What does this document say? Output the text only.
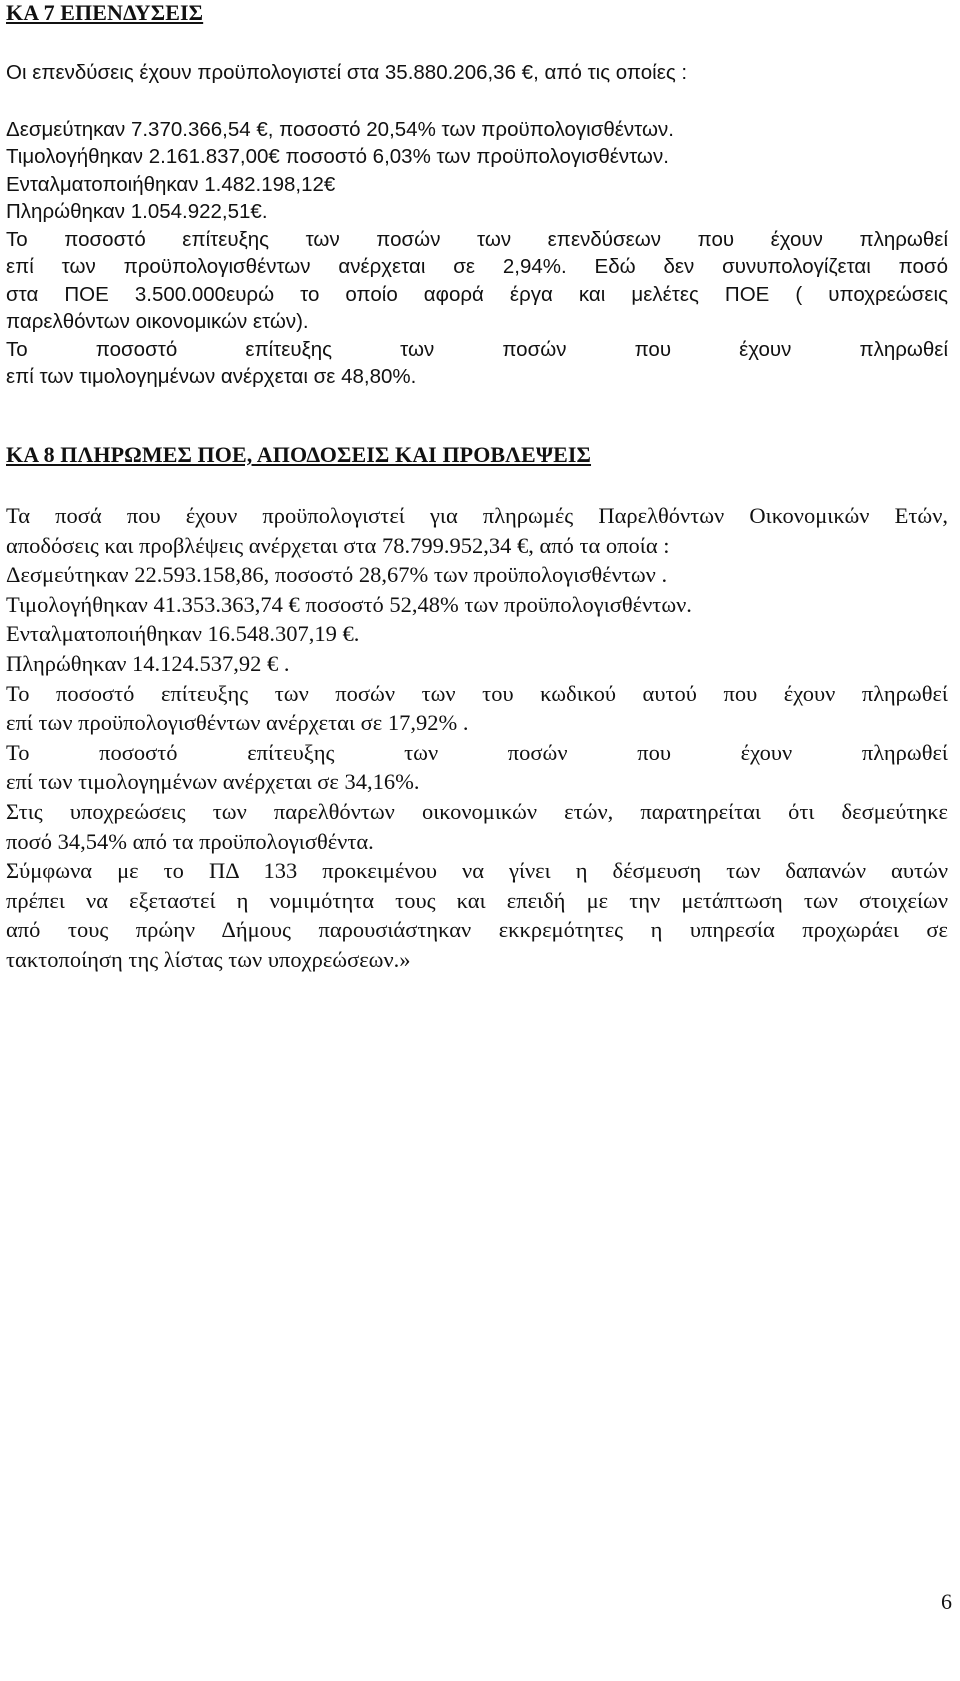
ΚΑ 7 ΕΠΕΝΔΥΣΕΙΣ
Οι επενδύσεις έχουν προϋπολογιστεί στα 35.880.206,36 €, από τις οποίες :
Δεσμεύτηκαν 7.370.366,54 €, ποσοστό 20,54% των προϋπολογισθέντων.
Τιμολογήθηκαν 2.161.837,00€ ποσοστό 6,03% των προϋπολογισθέντων.
Ενταλματοποιήθηκαν 1.482.198,12€
Πληρώθηκαν 1.054.922,51€.
Το ποσοστό επίτευξης των ποσών των επενδύσεων που έχουν πληρωθεί
επί των προϋπολογισθέντων ανέρχεται σε 2,94%. Εδώ δεν συνυπολογίζεται ποσό
στα ΠΟΕ 3.500.000ευρώ το οποίο αφορά έργα και μελέτες ΠΟΕ ( υποχρεώσεις
παρελθόντων οικονομικών ετών).
Το ποσοστό επίτευξης των ποσών που έχουν πληρωθεί
επί των τιμολογημένων ανέρχεται σε 48,80%.
ΚΑ 8 ΠΛΗΡΩΜΕΣ ΠΟΕ, ΑΠΟΔΟΣΕΙΣ ΚΑΙ ΠΡΟΒΛΕΨΕΙΣ
Τα ποσά που έχουν προϋπολογιστεί για πληρωμές Παρελθόντων Οικονομικών Ετών,
αποδόσεις και προβλέψεις ανέρχεται στα 78.799.952,34 €, από τα οποία :
Δεσμεύτηκαν 22.593.158,86, ποσοστό 28,67% των προϋπολογισθέντων .
Τιμολογήθηκαν 41.353.363,74 € ποσοστό 52,48% των προϋπολογισθέντων.
Ενταλματοποιήθηκαν 16.548.307,19 €.
Πληρώθηκαν 14.124.537,92 € .
Το ποσοστό επίτευξης των ποσών των του κωδικού αυτού που έχουν πληρωθεί
επί των προϋπολογισθέντων ανέρχεται σε 17,92% .
Το ποσοστό επίτευξης των ποσών που έχουν πληρωθεί
επί των τιμολογημένων ανέρχεται σε 34,16%.
Στις υποχρεώσεις των παρελθόντων οικονομικών ετών, παρατηρείται ότι δεσμεύτηκε
ποσό 34,54% από τα προϋπολογισθέντα.
Σύμφωνα με το ΠΔ 133 προκειμένου να γίνει η δέσμευση των δαπανών αυτών
πρέπει να εξεταστεί η νομιμότητα τους και επειδή με την μετάπτωση των στοιχείων
από τους πρώην Δήμους παρουσιάστηκαν εκκρεμότητες η υπηρεσία προχωράει σε
τακτοποίηση της λίστας των υποχρεώσεων.»
6
